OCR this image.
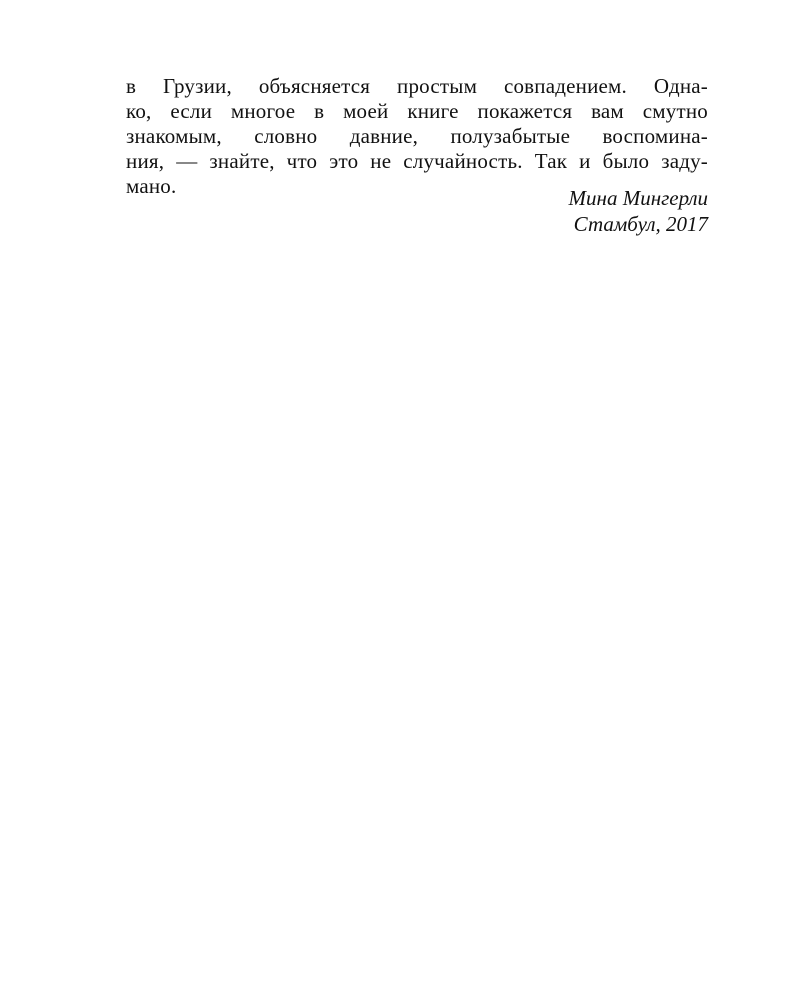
в Грузии, объясняется простым совпадением. Одна-
ко, если многое в моей книге покажется вам смутно
знакомым, словно давние, полузабытые воспомина-
ния, — знайте, что это не случайность. Так и было заду-
мано.	Мина Мингерли
Стамбул, 2017
